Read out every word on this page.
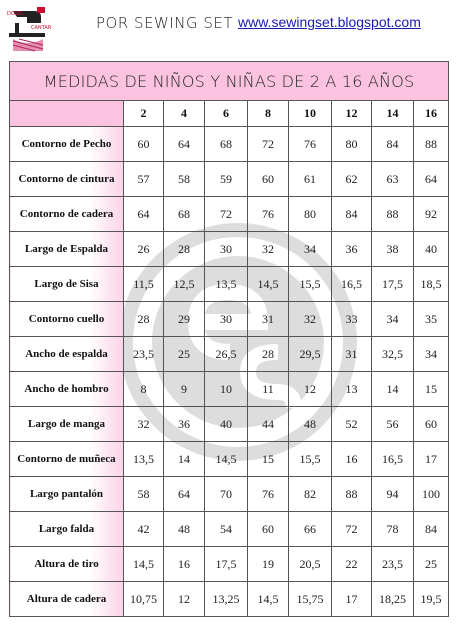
DOSEL
CANTAR	POR SEWING SET www.sewingset.blogspot.com
MEDIDAS DE NIÑOS Y NIÑAS DE 2 A 16 AÑOS								
	2	4	6	8	10	12	14	16
Contorno de Pecho	60	64	68	72	76	80	84	88
Contorno de cintura	57	58	59	60	61	62	63	64
Contorno de cadera	64	68	72	76	80	84	88	92
Largo de Espalda	26	28	30	32	34	36	38	40
Largo de Sisa	11,5	12,5	13,5	14,5	15,5	16,5	17,5	18,5
Contorno cuello	28	29	30	31	32	33	34	35
Ancho de espalda	23,5	25	26,5	28	29,5	31	32,5	34
Ancho de hombro	8	9	10	11	12	13	14	15
Largo de manga	32	36	40	44	48	52	56	60
Contorno de muñeca	13,5	14	14,5	15	15,5	16	16,5	17
Largo pantalón	58	64	70	76	82	88	94	100
Largo falda	42	48	54	60	66	72	78	84
Altura de tiro	14,5	16	17,5	19	20,5	22	23,5	25
Altura de cadera	10,75	12	13,25	14,5	15,75	17	18,25	19,5
